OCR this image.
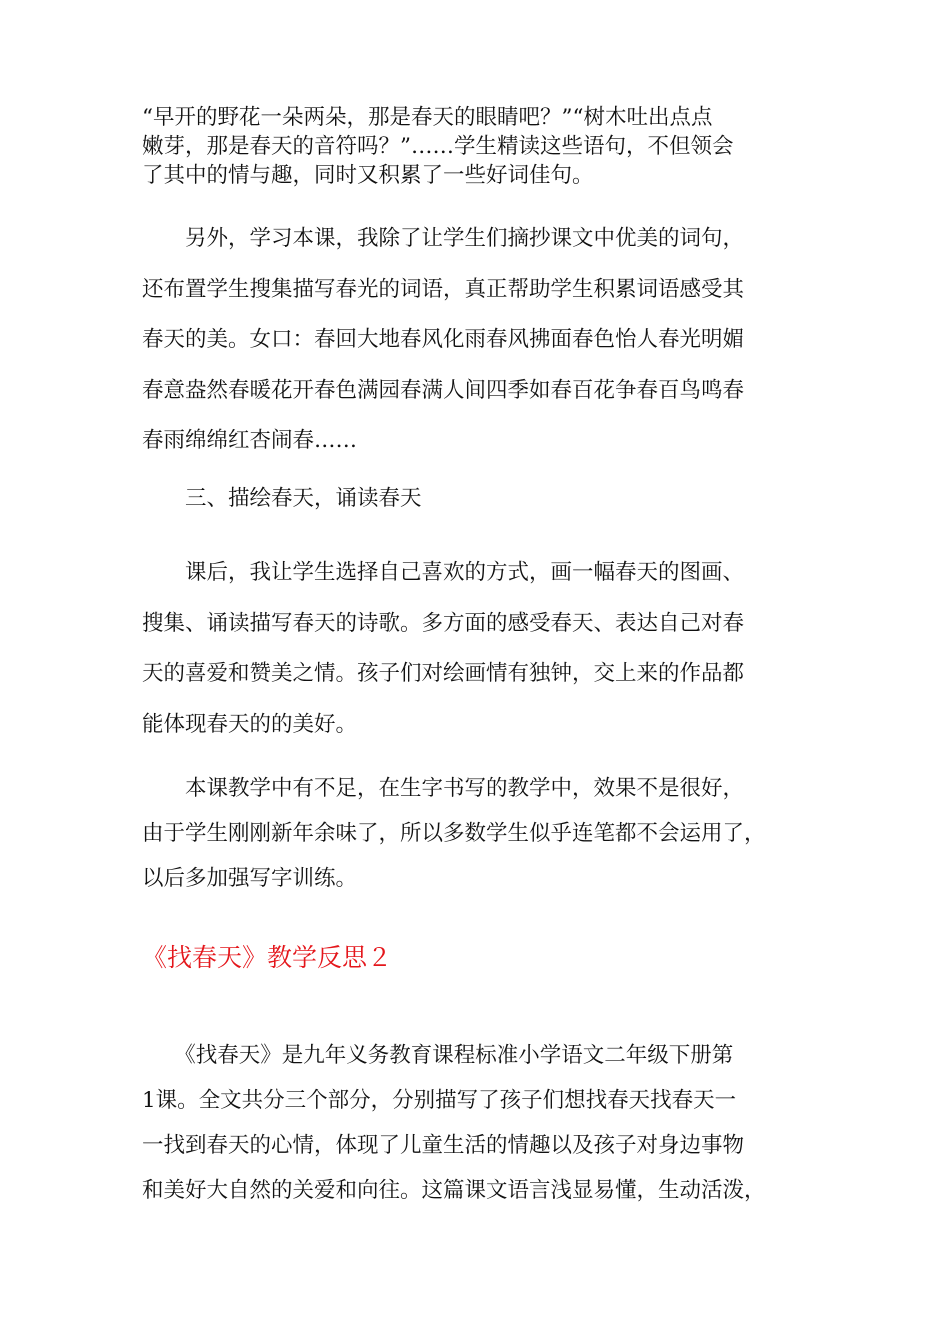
“早开的野花一朵两朵，那是春天的眼睛吧？”“树木吐出点点
嫩芽，那是春天的音符吗？”……学生精读这些语句，不但领会
了其中的情与趣，同时又积累了一些好词佳句。

　　另外，学习本课，我除了让学生们摘抄课文中优美的词句，
还布置学生搜集描写春光的词语，真正帮助学生积累词语感受其
春天的美。女口：春回大地春风化雨春风拂面春色怡人春光明媚
春意盎然春暖花开春色满园春满人间四季如春百花争春百鸟鸣春
春雨绵绵红杏闹春……

　　三、描绘春天，诵读春天

　　课后，我让学生选择自己喜欢的方式，画一幅春天的图画、
搜集、诵读描写春天的诗歌。多方面的感受春天、表达自己对春
天的喜爱和赞美之情。孩子们对绘画情有独钟，交上来的作品都
能体现春天的的美好。

　　本课教学中有不足，在生字书写的教学中，效果不是很好，
由于学生刚刚新年余味了，所以多数学生似乎连笔都不会运用了，
以后多加强写字训练。

《找春天》教学反思２

　　《找春天》是九年义务教育课程标准小学语文二年级下册第
1课。全文共分三个部分，分别描写了孩子们想找春天找春天一
一找到春天的心情，体现了儿童生活的情趣以及孩子对身边事物
和美好大自然的关爱和向往。这篇课文语言浅显易懂，生动活泼，
